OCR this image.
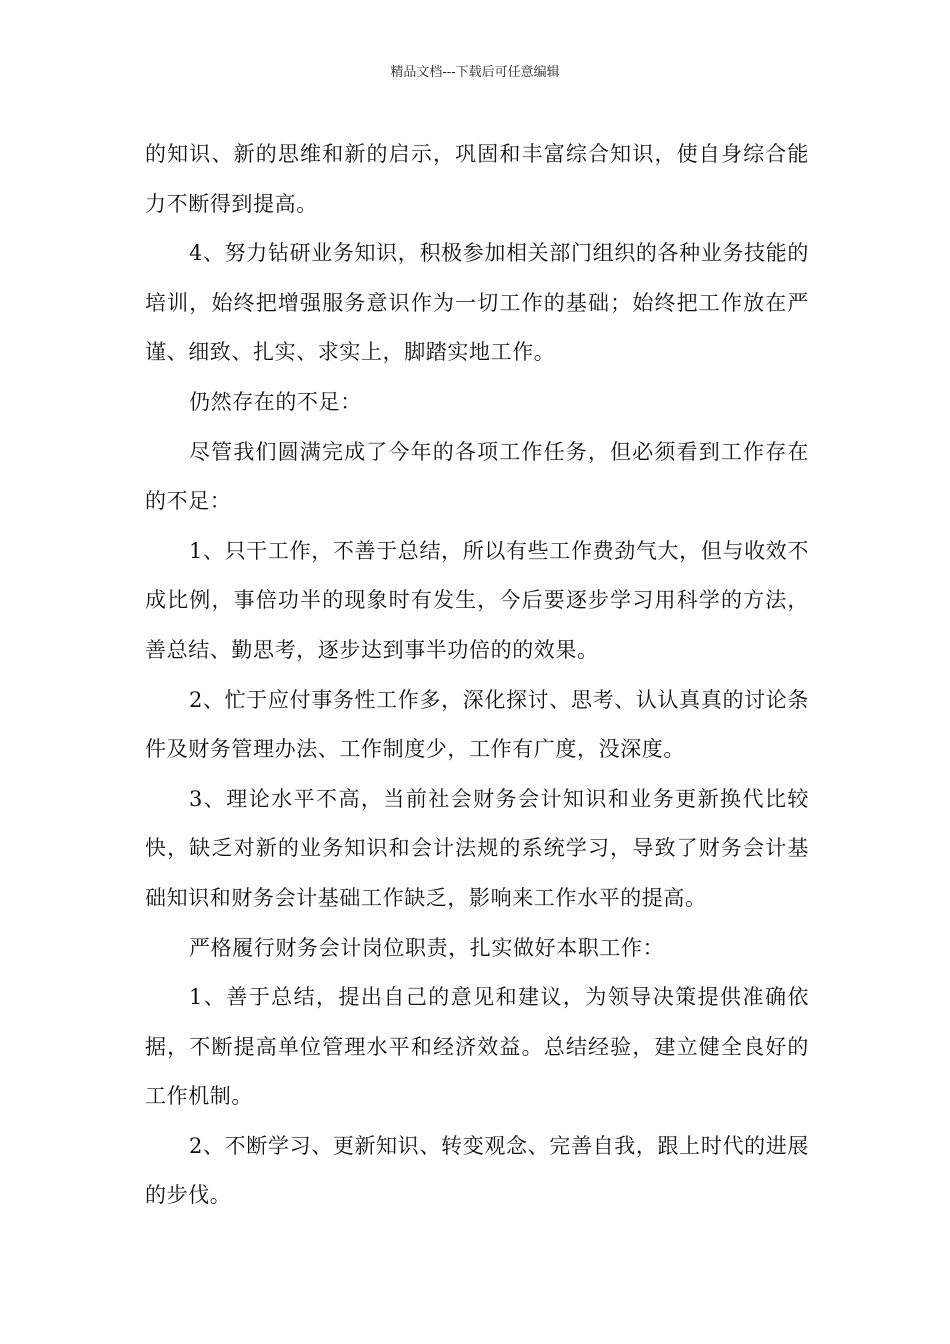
精品文档---下载后可任意编辑

的知识、新的思维和新的启示，巩固和丰富综合知识，使自身综合能力不断得到提高。

4、努力钻研业务知识，积极参加相关部门组织的各种业务技能的培训，始终把增强服务意识作为一切工作的基础；始终把工作放在严谨、细致、扎实、求实上，脚踏实地工作。

仍然存在的不足：

尽管我们圆满完成了今年的各项工作任务，但必须看到工作存在的不足：

1、只干工作，不善于总结，所以有些工作费劲气大，但与收效不成比例，事倍功半的现象时有发生，今后要逐步学习用科学的方法，善总结、勤思考，逐步达到事半功倍的的效果。

2、忙于应付事务性工作多，深化探讨、思考、认认真真的讨论条件及财务管理办法、工作制度少，工作有广度，没深度。

3、理论水平不高，当前社会财务会计知识和业务更新换代比较快，缺乏对新的业务知识和会计法规的系统学习，导致了财务会计基础知识和财务会计基础工作缺乏，影响来工作水平的提高。

严格履行财务会计岗位职责，扎实做好本职工作：

1、善于总结，提出自己的意见和建议，为领导决策提供准确依据，不断提高单位管理水平和经济效益。总结经验，建立健全良好的工作机制。

2、不断学习、更新知识、转变观念、完善自我，跟上时代的进展的步伐。
